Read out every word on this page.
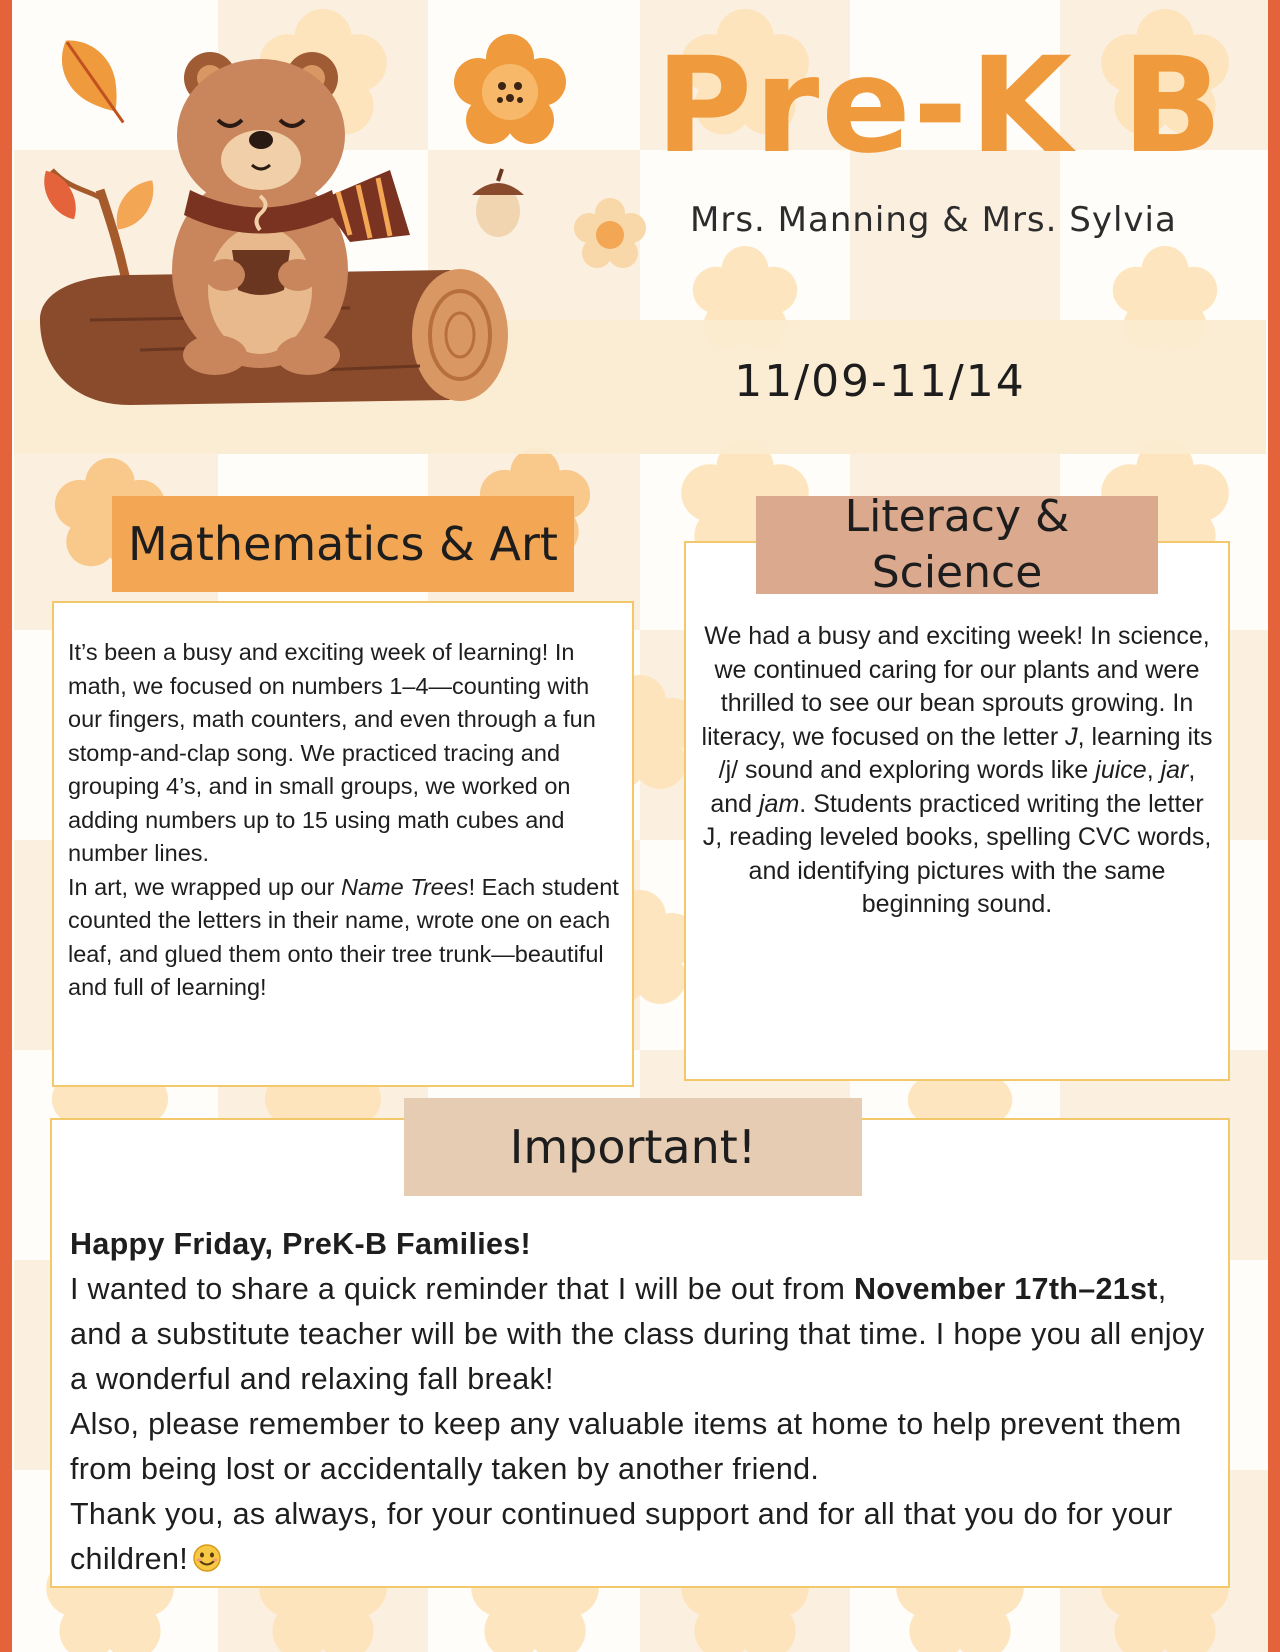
Pre-K B
Mrs. Manning & Mrs. Sylvia
11/09-11/14
Mathematics & Art

It’s been a busy and exciting week of learning! In math, we focused on numbers 1–4—counting with our fingers, math counters, and even through a fun stomp-and-clap song. We practiced tracing and grouping 4’s, and in small groups, we worked on adding numbers up to 15 using math cubes and number lines.

In art, we wrapped up our Name Trees! Each student counted the letters in their name, wrote one on each leaf, and glued them onto their tree trunk—beautiful and full of learning!

Literacy & Science

We had a busy and exciting week! In science, we continued caring for our plants and were thrilled to see our bean sprouts growing. In literacy, we focused on the letter J, learning its /j/ sound and exploring words like juice, jar, and jam. Students practiced writing the letter J, reading leveled books, spelling CVC words, and identifying pictures with the same beginning sound.

Important!

Happy Friday, PreK-B Families!

I wanted to share a quick reminder that I will be out from November 17th–21st, and a substitute teacher will be with the class during that time. I hope you all enjoy a wonderful and relaxing fall break!

Also, please remember to keep any valuable items at home to help prevent them from being lost or accidentally taken by another friend.

Thank you, as always, for your continued support and for all that you do for your children!
